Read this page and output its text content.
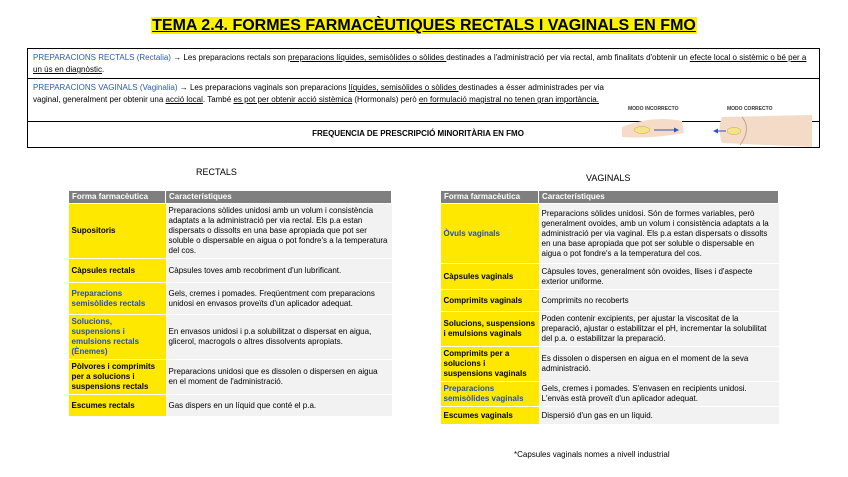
TEMA 2.4. FORMES FARMACÈUTIQUES RECTALS I VAGINALS EN FMO
PREPARACIONS RECTALS (Rectalia) → Les preparacions rectals son preparacions líquides, semisòlides o sòlides destinades a l'administració per via rectal, amb finalitats d'obtenir un efecte local o sistèmic o bé per a un ús en diagnòstic.
PREPARACIONS VAGINALS (Vaginalia) → Les preparacions vaginals son preparacions líquides, semisòlides o sòlides destinades a ésser administrades per via vaginal, generalment per obtenir una acció local. També es pot per obtenir acció sistèmica (Hormonals) però en formulació magistral no tenen gran importància.
FREQUENCIA DE PRESCRIPCIÓ MINORITÀRIA EN FMO
MODO INCORRECTO	MODO CORRECTO
RECTALS
VAGINALS
Forma farmacèutica	Característiques
Supositoris	Preparacions sòlides unidosi amb un volum i consistència adaptats a la administració per via rectal. Els p.a estan dispersats o dissolts en una base apropiada que pot ser soluble o dispersable en aigua o pot fondre's a la temperatura del cos.
Càpsules rectals	Càpsules toves amb recobriment d'un lubrificant.
Preparacions semisòlides rectals	Gels, cremes i pomades. Freqüentment com preparacions unidosi en envasos proveïts d'un aplicador adequat.
Solucions, suspensions i emulsions rectals (Ènemes)	En envasos unidosi i p.a solubilitzat o dispersat en aigua, glicerol, macrogols o altres dissolvents apropiats.
Pòlvores i comprimits per a solucions i suspensions rectals	Preparacions unidosi que es dissolen o dispersen en aigua en el moment de l'administració.
Escumes rectals	Gas dispers en un líquid que conté el p.a.
Forma farmacèutica	Característiques
Òvuls vaginals	Preparacions sòlides unidosi. Són de formes variables, però generalment ovoides, amb un volum i consistència adaptats a la administració per via vaginal. Els p.a estan dispersats o dissolts en una base apropiada que pot ser soluble o dispersable en aigua o pot fondre's a la temperatura del cos.
Càpsules vaginals	Càpsules toves, generalment són ovoides, llises i d'aspecte exterior uniforme.
Comprimits vaginals	Comprimits no recoberts
Solucions, suspensions i emulsions vaginals	Poden contenir excipients, per ajustar la viscositat de la preparació, ajustar o estabilitzar el pH, incrementar la solubilitat del p.a. o estabilitzar la preparació.
Comprimits per a solucions i suspensions vaginals	Es dissolen o dispersen en aigua en el moment de la seva administració.
Preparacions semisòlides vaginals	Gels, cremes i pomades. S'envasen en recipients unidosi. L'envàs està proveït d'un aplicador adequat.
Escumes vaginals	Dispersió d'un gas en un líquid.
*Capsules vaginals nomes a nivell industrial
